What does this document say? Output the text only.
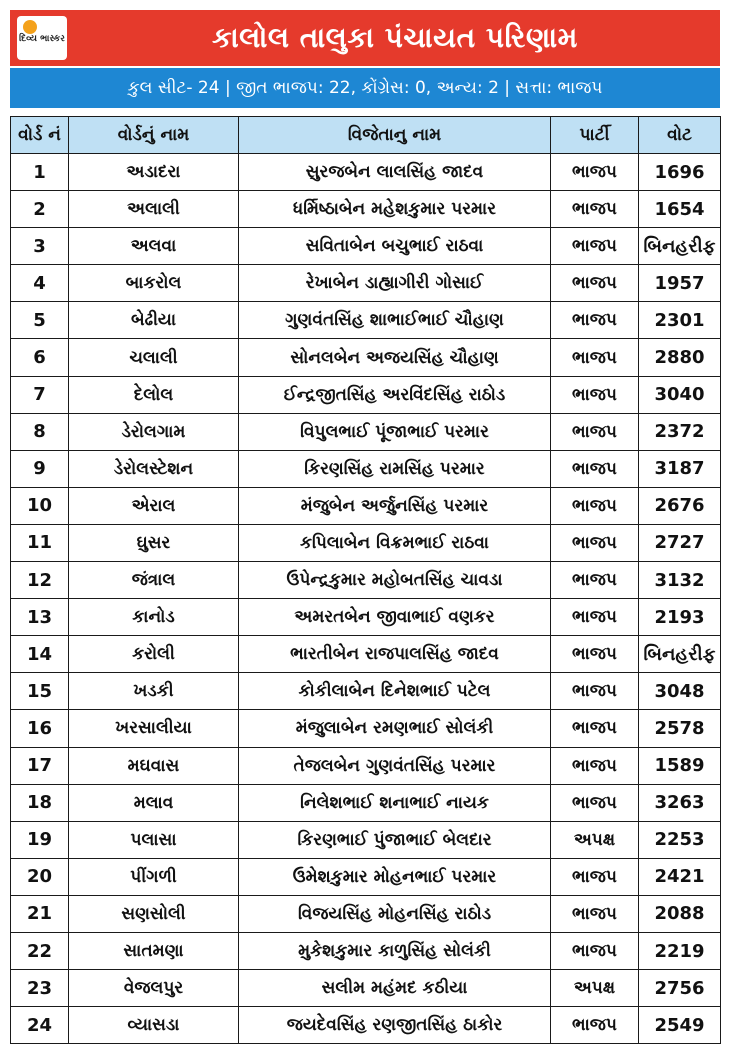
દિવ્ય ભાસ્કર	કાલોલ તાલુકા પંચાયત પરિણામ
કુલ સીટ- 24 | જીત ભાજપ: 22, કોંગ્રેસ: 0, અન્ય: 2 | સત્તા: ભાજપ
વોર્ડ નં	વોર્ડનું નામ	વિજેતાનુ નામ	પાર્ટી	વોટ
1	અડાદરા	સુરજબેન લાલસિંહ જાદવ	ભાજપ	1696
2	અલાલી	ધર્મિષ્ઠાબેન મહેશકુમાર પરમાર	ભાજપ	1654
3	અલવા	સવિતાબેન બચુભાઈ રાઠવા	ભાજપ	બિનહરીફ
4	બાકરોલ	રેખાબેન ડાહ્યાગીરી ગોસાઈ	ભાજપ	1957
5	બેઢીયા	ગુણવંતસિંહ શાભાઈભાઈ ચૌહાણ	ભાજપ	2301
6	ચલાલી	સોનલબેન અજયસિંહ ચૌહાણ	ભાજપ	2880
7	દેલોલ	ઈન્દ્રજીતસિંહ અરવિંદસિંહ રાઠોડ	ભાજપ	3040
8	ડેરોલગામ	વિપુલભાઈ પૂંજાભાઈ પરમાર	ભાજપ	2372
9	ડેરોલસ્ટેશન	કિરણસિંહ રામસિંહ પરમાર	ભાજપ	3187
10	એરાલ	મંજુબેન અર્જુનસિંહ પરમાર	ભાજપ	2676
11	ઘુસર	કપિલાબેન વિક્રમભાઈ રાઠવા	ભાજપ	2727
12	જંત્રાલ	ઉપેન્દ્રકુમાર મહોબતસિંહ ચાવડા	ભાજપ	3132
13	કાનોડ	અમરતબેન જીવાભાઈ વણકર	ભાજપ	2193
14	કરોલી	ભારતીબેન રાજપાલસિંહ જાદવ	ભાજપ	બિનહરીફ
15	ખડકી	કોકીલાબેન દિનેશભાઈ પટેલ	ભાજપ	3048
16	ખરસાલીયા	મંજુલાબેન રમણભાઈ સોલંકી	ભાજપ	2578
17	મઘવાસ	તેજલબેન ગુણવંતસિંહ પરમાર	ભાજપ	1589
18	મલાવ	નિલેશભાઈ શનાભાઈ નાયક	ભાજપ	3263
19	પલાસા	કિરણભાઈ પુંજાભાઈ બેલદાર	અપક્ષ	2253
20	પીંગળી	ઉમેશકુમાર મોહનભાઈ પરમાર	ભાજપ	2421
21	સણસોલી	વિજયસિંહ મોહનસિંહ રાઠોડ	ભાજપ	2088
22	સાતમણા	મુકેશકુમાર કાળુસિંહ સોલંકી	ભાજપ	2219
23	વેજલપુર	સલીમ મહંમદ કઠીયા	અપક્ષ	2756
24	વ્યાસડા	જયદેવસિંહ રણજીતસિંહ ઠાકોર	ભાજપ	2549
